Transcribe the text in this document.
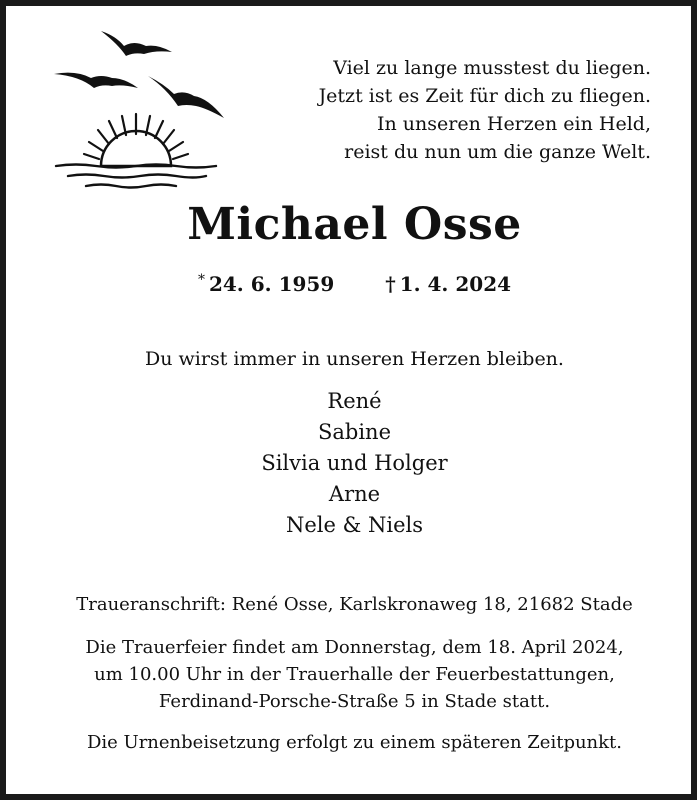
Viel zu lange musstest du liegen.
Jetzt ist es Zeit für dich zu fliegen.
In unseren Herzen ein Held,
reist du nun um die ganze Welt.
Michael Osse
* 24. 6. 1959	† 1. 4. 2024
Du wirst immer in unseren Herzen bleiben.
René
Sabine
Silvia und Holger
Arne
Nele & Niels
Traueranschrift: René Osse, Karlskronaweg 18, 21682 Stade
Die Trauerfeier findet am Donnerstag, dem 18. April 2024,
um 10.00 Uhr in der Trauerhalle der Feuerbestattungen,
Ferdinand-Porsche-Straße 5 in Stade statt.
Die Urnenbeisetzung erfolgt zu einem späteren Zeitpunkt.
